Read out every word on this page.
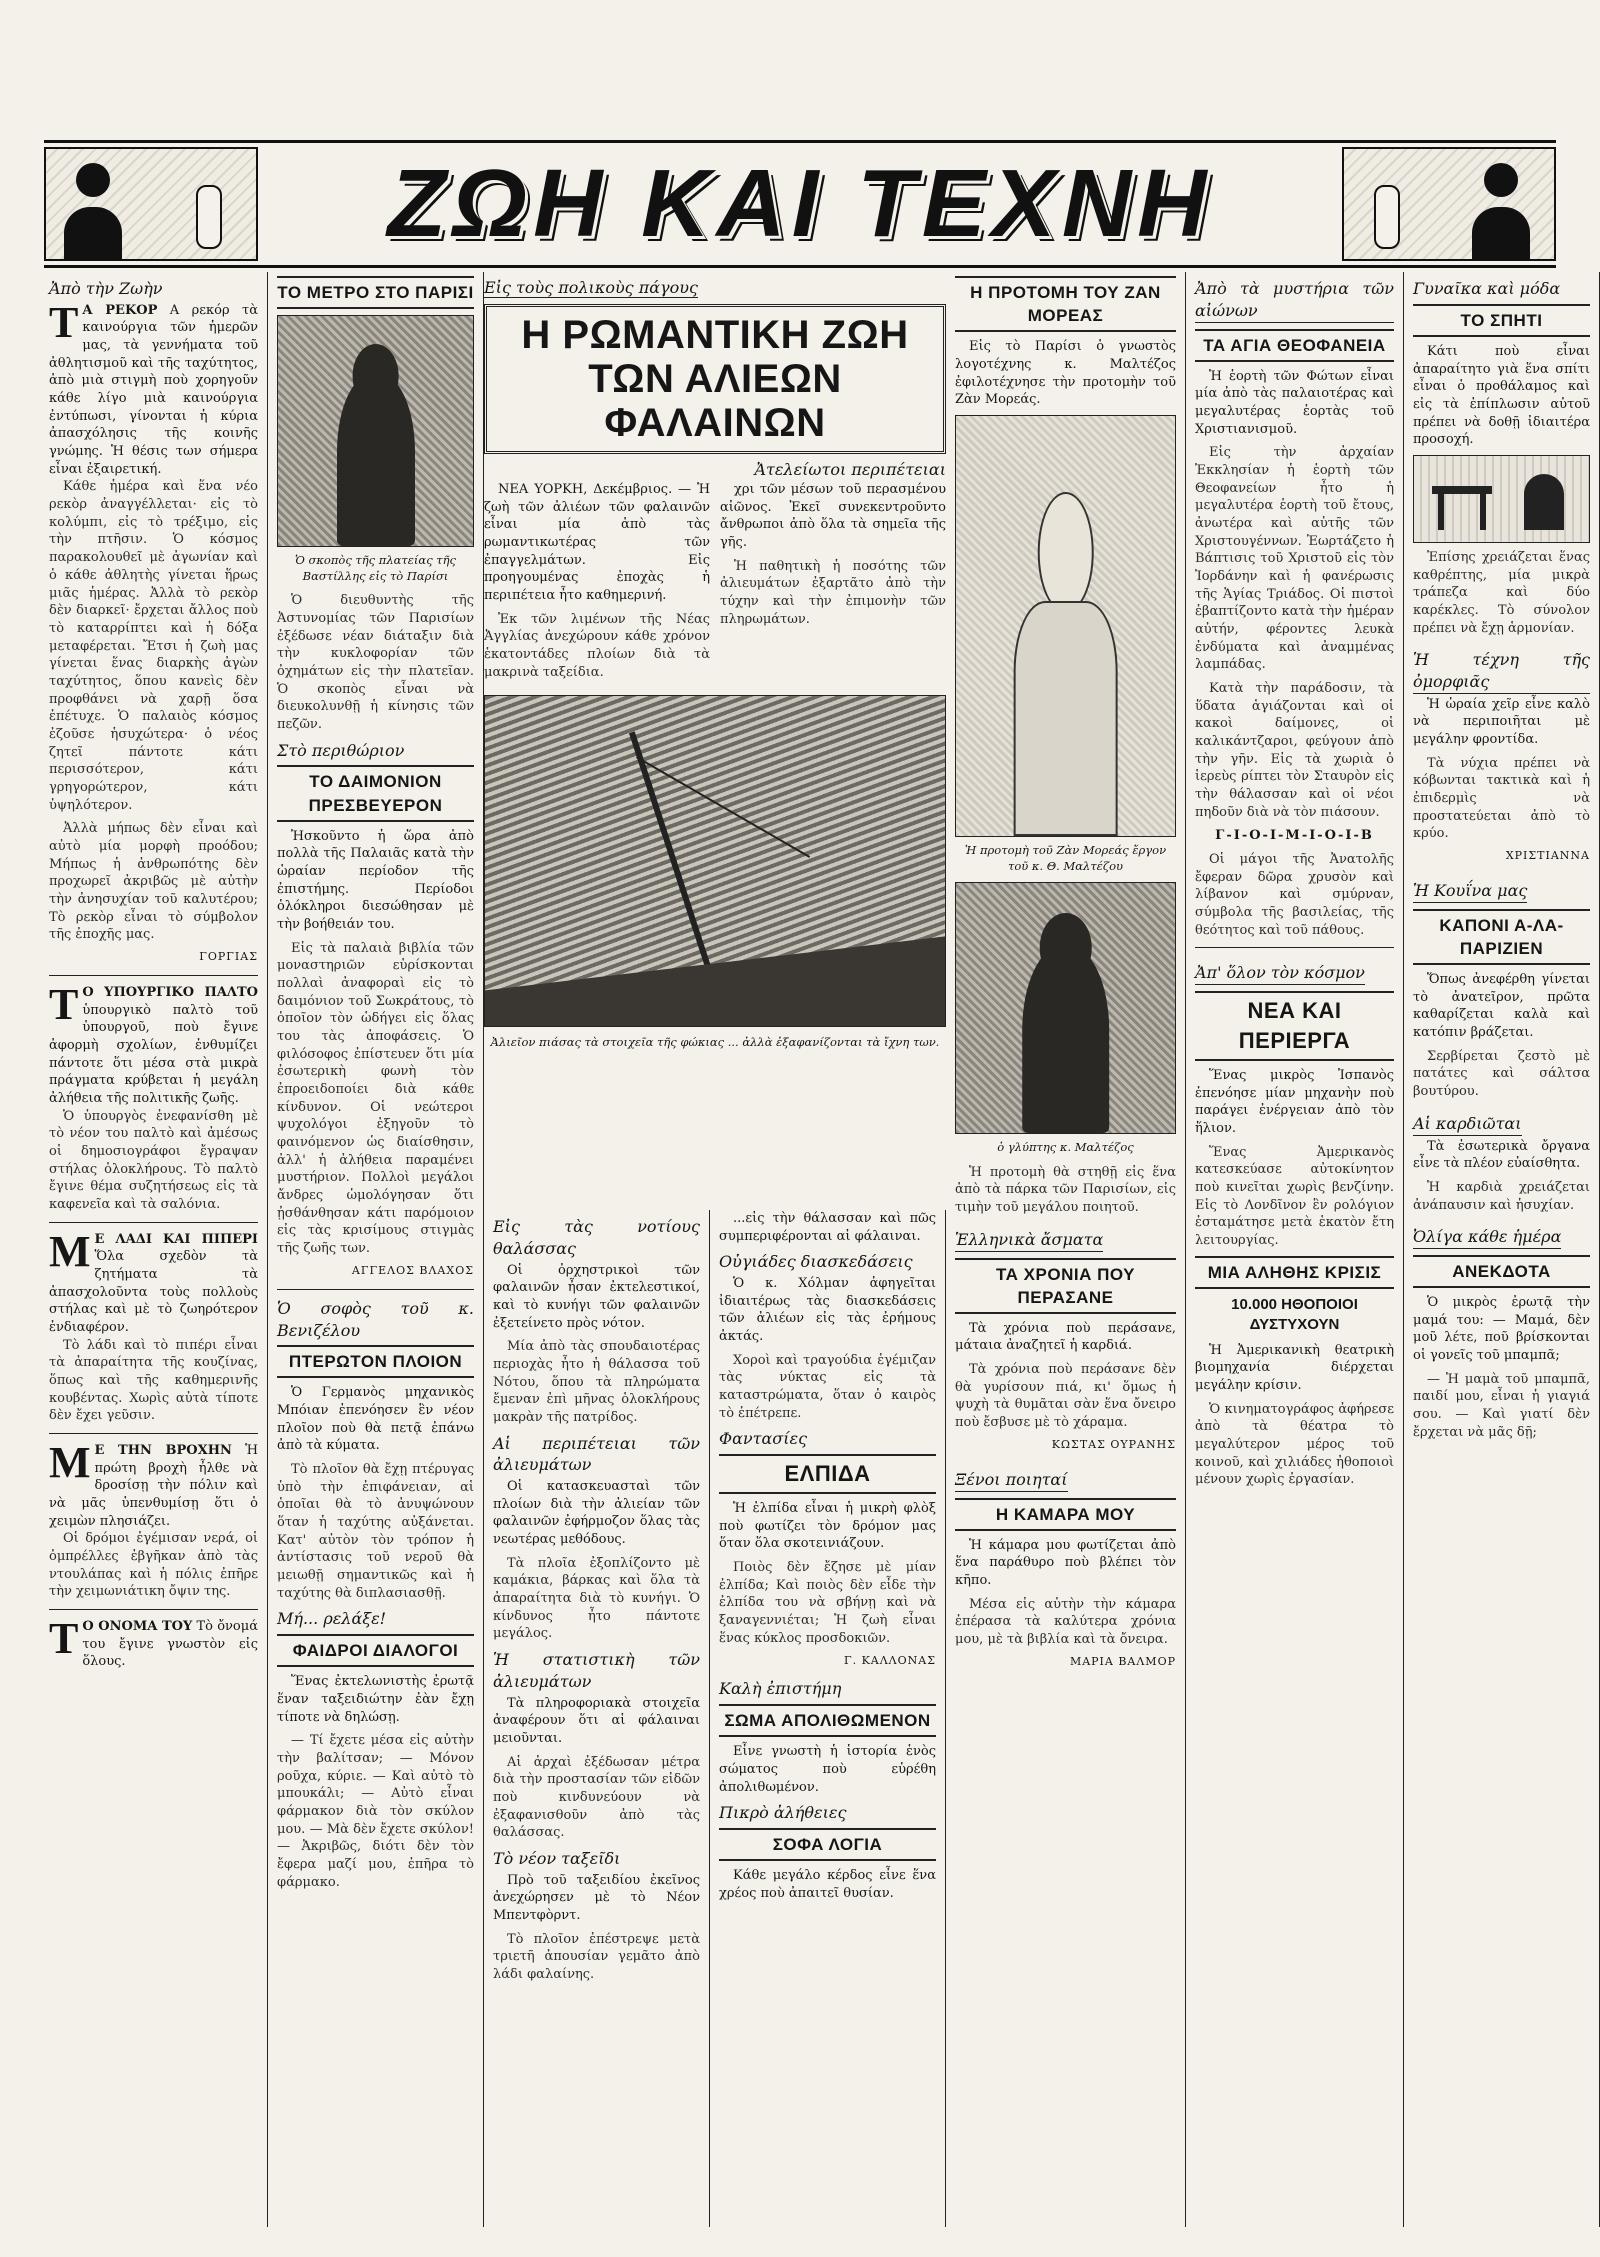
ΖΩΗ ΚΑΙ ΤΕΧΝΗ
Ἀπὸ τὴν Ζωὴν
Τ Α ΡΕΚΟΡ Α ρεκόρ τὰ καινούργια τῶν ἡμερῶν μας, τὰ γεννήματα τοῦ ἀθλητισμοῦ καὶ τῆς ταχύτητος, ἀπὸ μιὰ στιγμὴ ποὺ χορηγοῦν κάθε λίγο μιὰ καινούργια ἐντύπωσι, γίνονται ἡ κύρια ἀπασχόλησις τῆς κοινῆς γνώμης. Ἡ θέσις των σήμερα εἶναι ἐξαιρετική.

Κάθε ἡμέρα καὶ ἕνα νέο ρεκὸρ ἀναγγέλλεται· εἰς τὸ κολύμπι, εἰς τὸ τρέξιμο, εἰς τὴν πτῆσιν. Ὁ κόσμος παρακολουθεῖ μὲ ἀγωνίαν καὶ ὁ κάθε ἀθλητὴς γίνεται ἥρως μιᾶς ἡμέρας. Ἀλλὰ τὸ ρεκὸρ δὲν διαρκεῖ· ἔρχεται ἄλλος ποὺ τὸ καταρρίπτει καὶ ἡ δόξα μεταφέρεται. Ἔτσι ἡ ζωὴ μας γίνεται ἕνας διαρκὴς ἀγὼν ταχύτητος, ὅπου κανεὶς δὲν προφθάνει νὰ χαρῇ ὅσα ἐπέτυχε. Ὁ παλαιὸς κόσμος ἐζοῦσε ἡσυχώτερα· ὁ νέος ζητεῖ πάντοτε κάτι περισσότερον, κάτι γρηγορώτερον, κάτι ὑψηλότερον.

Ἀλλὰ μήπως δὲν εἶναι καὶ αὐτὸ μία μορφὴ προόδου; Μήπως ἡ ἀνθρωπότης δὲν προχωρεῖ ἀκριβῶς μὲ αὐτὴν τὴν ἀνησυχίαν τοῦ καλυτέρου; Τὸ ρεκὸρ εἶναι τὸ σύμβολον τῆς ἐποχῆς μας.

ΓΟΡΓΙΑΣ
Τ Ο ΥΠΟΥΡΓΙΚΟ ΠΑΛΤΟ ὑπουργικὸ παλτὸ τοῦ ὑπουργοῦ, ποὺ ἔγινε ἀφορμὴ σχολίων, ἐνθυμίζει πάντοτε ὅτι μέσα στὰ μικρὰ πράγματα κρύβεται ἡ μεγάλη ἀλήθεια τῆς πολιτικῆς ζωῆς.

Ὁ ὑπουργὸς ἐνεφανίσθη μὲ τὸ νέον του παλτὸ καὶ ἀμέσως οἱ δημοσιογράφοι ἔγραψαν στήλας ὁλοκλήρους. Τὸ παλτὸ ἔγινε θέμα συζητήσεως εἰς τὰ καφενεῖα καὶ τὰ σαλόνια.

Μ Ε ΛΑΔΙ ΚΑΙ ΠΙΠΕΡΙ Ὅλα σχεδὸν τὰ ζητήματα τὰ ἀπασχολοῦντα τοὺς πολλοὺς στήλας καὶ μὲ τὸ ζωηρότερον ἐνδιαφέρον.

Τὸ λάδι καὶ τὸ πιπέρι εἶναι τὰ ἀπαραίτητα τῆς κουζίνας, ὅπως καὶ τῆς καθημερινῆς κουβέντας. Χωρὶς αὐτὰ τίποτε δὲν ἔχει γεῦσιν.

Μ Ε ΤΗΝ ΒΡΟΧΗΝ Ἡ πρώτη βροχὴ ἦλθε νὰ δροσίσῃ τὴν πόλιν καὶ νὰ μᾶς ὑπενθυμίσῃ ὅτι ὁ χειμὼν πλησιάζει.

Οἱ δρόμοι ἐγέμισαν νερά, οἱ ὀμπρέλλες ἐβγῆκαν ἀπὸ τὰς ντουλάπας καὶ ἡ πόλις ἐπῆρε τὴν χειμωνιάτικη ὄψιν της.

Τ Ο ΟΝΟΜΑ ΤΟΥ Τὸ ὄνομά του ἔγινε γνωστὸν εἰς ὅλους.
ΤΟ ΜΕΤΡΟ ΣΤΟ ΠΑΡΙΣΙ
Ὁ σκοπὸς τῆς πλατείας τῆς Βαστίλλης εἰς τὸ Παρίσι

Ὁ διευθυντὴς τῆς Ἀστυνομίας τῶν Παρισίων ἐξέδωσε νέαν διάταξιν διὰ τὴν κυκλοφορίαν τῶν ὀχημάτων εἰς τὴν πλατεῖαν. Ὁ σκοπὸς εἶναι νὰ διευκολυνθῇ ἡ κίνησις τῶν πεζῶν.

Στὸ περιθώριον
ΤΟ ΔΑΙΜΟΝΙΟΝ ΠΡΕΣΒΕΥΕΡΟΝ

Ἠσκοῦντο ἡ ὥρα ἀπὸ πολλὰ τῆς Παλαιᾶς κατὰ τὴν ὡραίαν περίοδον τῆς ἐπιστήμης. Περίοδοι ὁλόκληροι διεσώθησαν μὲ τὴν βοήθειάν του.

Εἰς τὰ παλαιὰ βιβλία τῶν μοναστηριῶν εὑρίσκονται πολλαὶ ἀναφοραὶ εἰς τὸ δαιμόνιον τοῦ Σωκράτους, τὸ ὁποῖον τὸν ὡδήγει εἰς ὅλας του τὰς ἀποφάσεις. Ὁ φιλόσοφος ἐπίστευεν ὅτι μία ἐσωτερικὴ φωνὴ τὸν ἐπροειδοποίει διὰ κάθε κίνδυνον. Οἱ νεώτεροι ψυχολόγοι ἐξηγοῦν τὸ φαινόμενον ὡς διαίσθησιν, ἀλλ' ἡ ἀλήθεια παραμένει μυστήριον. Πολλοὶ μεγάλοι ἄνδρες ὡμολόγησαν ὅτι ᾐσθάνθησαν κάτι παρόμοιον εἰς τὰς κρισίμους στιγμὰς τῆς ζωῆς των.

ΑΓΓΕΛΟΣ ΒΛΑΧΟΣ
Ὁ σοφὸς τοῦ κ. Βενιζέλου
ΠΤΕΡΩΤΟΝ ΠΛΟΙΟΝ

Ὁ Γερμανὸς μηχανικὸς Μπόιαν ἐπενόησεν ἓν νέον πλοῖον ποὺ θὰ πετᾷ ἐπάνω ἀπὸ τὰ κύματα.

Τὸ πλοῖον θὰ ἔχῃ πτέρυγας ὑπὸ τὴν ἐπιφάνειαν, αἱ ὁποῖαι θὰ τὸ ἀνυψώνουν ὅταν ἡ ταχύτης αὐξάνεται. Κατ' αὐτὸν τὸν τρόπον ἡ ἀντίστασις τοῦ νεροῦ θὰ μειωθῇ σημαντικῶς καὶ ἡ ταχύτης θὰ διπλασιασθῇ.

Μή... ρελάξε!
ΦΑΙΔΡΟΙ ΔΙΑΛΟΓΟΙ

Ἕνας ἐκτελωνιστὴς ἐρωτᾷ ἕναν ταξειδιώτην ἐὰν ἔχῃ τίποτε νὰ δηλώσῃ.

— Τί ἔχετε μέσα εἰς αὐτὴν τὴν βαλίτσαν; — Μόνον ροῦχα, κύριε. — Καὶ αὐτὸ τὸ μπουκάλι; — Αὐτὸ εἶναι φάρμακον διὰ τὸν σκύλον μου. — Μὰ δὲν ἔχετε σκύλον! — Ἀκριβῶς, διότι δὲν τὸν ἔφερα μαζί μου, ἐπῆρα τὸ φάρμακο.

Εἰς τοὺς πολικοὺς πάγους
Η ΡΩΜΑΝΤΙΚΗ ΖΩΗ ΤΩΝ ΑΛΙΕΩΝ ΦΑΛΑΙΝΩΝ
Ἀτελείωτοι περιπέτειαι

ΝΕΑ ΥΟΡΚΗ, Δεκέμβριος. — Ἡ ζωὴ τῶν ἀλιέων τῶν φαλαινῶν εἶναι μία ἀπὸ τὰς ρωμαντικωτέρας τῶν ἐπαγγελμάτων. Εἰς προηγουμένας ἐποχὰς ἡ περιπέτεια ἦτο καθημερινή.

Ἐκ τῶν λιμένων τῆς Νέας Ἀγγλίας ἀνεχώρουν κάθε χρόνον ἑκατοντάδες πλοίων διὰ τὰ μακρινὰ ταξείδια.

χρι τῶν μέσων τοῦ περασμένου αἰῶνος. Ἐκεῖ συνεκεντροῦντο ἄνθρωποι ἀπὸ ὅλα τὰ σημεῖα τῆς γῆς.

Ἡ παθητικὴ ἡ ποσότης τῶν ἀλιευμάτων ἐξαρτᾶτο ἀπὸ τὴν τύχην καὶ τὴν ἐπιμονὴν τῶν πληρωμάτων.

Ἀλιεῖον πιάσας τὰ στοιχεῖα τῆς φώκιας ... ἀλλὰ ἐξαφανίζονται τὰ ἴχνη των.
Εἰς τὰς νοτίους θαλάσσας

Οἱ ὀρχηστρικοὶ τῶν φαλαινῶν ἦσαν ἐκτελεστικοί, καὶ τὸ κυνήγι τῶν φαλαινῶν ἐξετείνετο πρὸς νότον.

Μία ἀπὸ τὰς σπουδαιοτέρας περιοχὰς ἦτο ἡ θάλασσα τοῦ Νότου, ὅπου τὰ πληρώματα ἔμεναν ἐπὶ μῆνας ὁλοκλήρους μακρὰν τῆς πατρίδος.

Αἱ περιπέτειαι τῶν ἀλιευμάτων

Οἱ κατασκευασταὶ τῶν πλοίων διὰ τὴν ἀλιείαν τῶν φαλαινῶν ἐφήρμοζον ὅλας τὰς νεωτέρας μεθόδους.

Τὰ πλοῖα ἐξοπλίζοντο μὲ καμάκια, βάρκας καὶ ὅλα τὰ ἀπαραίτητα διὰ τὸ κυνήγι. Ὁ κίνδυνος ἦτο πάντοτε μεγάλος.

Ἡ στατιστικὴ τῶν ἀλιευμάτων

Τὰ πληροφοριακὰ στοιχεῖα ἀναφέρουν ὅτι αἱ φάλαιναι μειοῦνται.

Αἱ ἀρχαὶ ἐξέδωσαν μέτρα διὰ τὴν προστασίαν τῶν εἰδῶν ποὺ κινδυνεύουν νὰ ἐξαφανισθοῦν ἀπὸ τὰς θαλάσσας.

Τὸ νέον ταξεῖδι

Πρὸ τοῦ ταξειδίου ἐκεῖνος ἀνεχώρησεν μὲ τὸ Νέον Μπεντφὸρντ.

Τὸ πλοῖον ἐπέστρεψε μετὰ τριετῆ ἀπουσίαν γεμᾶτο ἀπὸ λάδι φαλαίνης.

...εἰς τὴν θάλασσαν καὶ πῶς συμπεριφέρονται αἱ φάλαιναι.

Οὐγιάδες διασκεδάσεις

Ὁ κ. Χόλμαν ἀφηγεῖται ἰδιαιτέρως τὰς διασκεδάσεις τῶν ἀλιέων εἰς τὰς ἐρήμους ἀκτάς.

Χοροὶ καὶ τραγούδια ἐγέμιζαν τὰς νύκτας εἰς τὰ καταστρώματα, ὅταν ὁ καιρὸς τὸ ἐπέτρεπε.

Φαντασίες
ΕΛΠΙΔΑ

Ἡ ἐλπίδα εἶναι ἡ μικρὴ φλὸξ ποὺ φωτίζει τὸν δρόμον μας ὅταν ὅλα σκοτεινιάζουν.

Ποιὸς δὲν ἔζησε μὲ μίαν ἐλπίδα; Καὶ ποιὸς δὲν εἶδε τὴν ἐλπίδα του νὰ σβήνῃ καὶ νὰ ξαναγεννιέται; Ἡ ζωὴ εἶναι ἕνας κύκλος προσδοκιῶν.

Γ. ΚΑΛΛΟΝΑΣ
Καλὴ ἐπιστήμη
ΣΩΜΑ ΑΠΟΛΙΘΩΜΕΝΟΝ

Εἶνε γνωστὴ ἡ ἱστορία ἑνὸς σώματος ποὺ εὑρέθη ἀπολιθωμένον.

Πικρὸ ἀλήθειες
ΣΟΦΑ ΛΟΓΙΑ

Κάθε μεγάλο κέρδος εἶνε ἕνα χρέος ποὺ ἀπαιτεῖ θυσίαν.

Η ΠΡΟΤΟΜΗ ΤΟΥ ΖΑΝ ΜΟΡΕΑΣ

Εἰς τὸ Παρίσι ὁ γνωστὸς λογοτέχνης κ. Μαλτέζος ἐφιλοτέχνησε τὴν προτομὴν τοῦ Ζὰν Μορεάς.

Ἡ προτομὴ τοῦ Ζὰν Μορεάς ἔργον τοῦ κ. Θ. Μαλτέζου
ὁ γλύπτης κ. Μαλτέζος

Ἡ προτομὴ θὰ στηθῇ εἰς ἕνα ἀπὸ τὰ πάρκα τῶν Παρισίων, εἰς τιμὴν τοῦ μεγάλου ποιητοῦ.

Ἑλληνικὰ ἄσματα
ΤΑ ΧΡΟΝΙΑ ΠΟΥ ΠΕΡΑΣΑΝΕ

Τὰ χρόνια ποὺ περάσανε, μάταια ἀναζητεῖ ἡ καρδιά.

Τὰ χρόνια ποὺ περάσανε δὲν θὰ γυρίσουν πιά, κι' ὅμως ἡ ψυχὴ τὰ θυμᾶται σὰν ἕνα ὄνειρο ποὺ ἔσβυσε μὲ τὸ χάραμα.

ΚΩΣΤΑΣ ΟΥΡΑΝΗΣ
Ξένοι ποιηταί
Η ΚΑΜΑΡΑ ΜΟΥ

Ἡ κάμαρα μου φωτίζεται ἀπὸ ἕνα παράθυρο ποὺ βλέπει τὸν κῆπο.

Μέσα εἰς αὐτὴν τὴν κάμαρα ἐπέρασα τὰ καλύτερα χρόνια μου, μὲ τὰ βιβλία καὶ τὰ ὄνειρα.

ΜΑΡΙΑ ΒΑΛΜΟΡ
Ἀπὸ τὰ μυστήρια τῶν αἰώνων
ΤΑ ΑΓΙΑ ΘΕΟΦΑΝΕΙΑ

Ἡ ἑορτὴ τῶν Φώτων εἶναι μία ἀπὸ τὰς παλαιοτέρας καὶ μεγαλυτέρας ἑορτὰς τοῦ Χριστιανισμοῦ.

Εἰς τὴν ἀρχαίαν Ἐκκλησίαν ἡ ἑορτὴ τῶν Θεοφανείων ἦτο ἡ μεγαλυτέρα ἑορτὴ τοῦ ἔτους, ἀνωτέρα καὶ αὐτῆς τῶν Χριστουγέννων. Ἐωρτάζετο ἡ Βάπτισις τοῦ Χριστοῦ εἰς τὸν Ἰορδάνην καὶ ἡ φανέρωσις τῆς Ἁγίας Τριάδος. Οἱ πιστοὶ ἐβαπτίζοντο κατὰ τὴν ἡμέραν αὐτήν, φέροντες λευκὰ ἐνδύματα καὶ ἀναμμένας λαμπάδας.

Κατὰ τὴν παράδοσιν, τὰ ὕδατα ἁγιάζονται καὶ οἱ κακοὶ δαίμονες, οἱ καλικάντζαροι, φεύγουν ἀπὸ τὴν γῆν. Εἰς τὰ χωριὰ ὁ ἱερεὺς ρίπτει τὸν Σταυρὸν εἰς τὴν θάλασσαν καὶ οἱ νέοι πηδοῦν διὰ νὰ τὸν πιάσουν.

Γ-Ι-Ο-Ι-Μ-Ι-Ο-Ι-Β

Οἱ μάγοι τῆς Ἀνατολῆς ἔφεραν δῶρα χρυσὸν καὶ λίβανον καὶ σμύρναν, σύμβολα τῆς βασιλείας, τῆς θεότητος καὶ τοῦ πάθους.

Ἀπ' ὅλον τὸν κόσμον
ΝΕΑ ΚΑΙ ΠΕΡΙΕΡΓΑ

Ἕνας μικρὸς Ἰσπανὸς ἐπενόησε μίαν μηχανὴν ποὺ παράγει ἐνέργειαν ἀπὸ τὸν ἥλιον.

Ἕνας Ἀμερικανὸς κατεσκεύασε αὐτοκίνητον ποὺ κινεῖται χωρὶς βενζίνην. Εἰς τὸ Λονδῖνον ἓν ρολόγιον ἐσταμάτησε μετὰ ἑκατὸν ἔτη λειτουργίας.

ΜΙΑ ΑΛΗΘΗΣ ΚΡΙΣΙΣ
10.000 ΗΘΟΠΟΙΟΙ ΔΥΣΤΥΧΟΥΝ

Ἡ Ἀμερικανικὴ θεατρικὴ βιομηχανία διέρχεται μεγάλην κρίσιν.

Ὁ κινηματογράφος ἀφήρεσε ἀπὸ τὰ θέατρα τὸ μεγαλύτερον μέρος τοῦ κοινοῦ, καὶ χιλιάδες ἠθοποιοὶ μένουν χωρὶς ἐργασίαν.

Γυναῖκα καὶ μόδα
ΤΟ ΣΠΗΤΙ

Κάτι ποὺ εἶναι ἀπαραίτητο γιὰ ἕνα σπίτι εἶναι ὁ προθάλαμος καὶ εἰς τὰ ἐπίπλωσιν αὐτοῦ πρέπει νὰ δοθῇ ἰδιαιτέρα προσοχή.

Ἐπίσης χρειάζεται ἕνας καθρέπτης, μία μικρὰ τράπεζα καὶ δύο καρέκλες. Τὸ σύνολον πρέπει νὰ ἔχῃ ἁρμονίαν.

Ἡ τέχνη τῆς ὀμορφιᾶς

Ἡ ὡραία χεῖρ εἶνε καλὸ νὰ περιποιῆται μὲ μεγάλην φροντίδα.

Τὰ νύχια πρέπει νὰ κόβωνται τακτικὰ καὶ ἡ ἐπιδερμὶς νὰ προστατεύεται ἀπὸ τὸ κρύο.

ΧΡΙΣΤΙΑΝΝΑ
Ἡ Κουΐνα μας
ΚΑΠΟΝΙ Α-ΛΑ-ΠΑΡΙΖΙΕΝ

Ὅπως ἀνεφέρθη γίνεται τὸ ἀνατεῖρον, πρῶτα καθαρίζεται καλὰ καὶ κατόπιν βράζεται.

Σερβίρεται ζεστὸ μὲ πατάτες καὶ σάλτσα βουτύρου.

Αἱ καρδιῶται

Τὰ ἐσωτερικὰ ὄργανα εἶνε τὰ πλέον εὐαίσθητα.

Ἡ καρδιὰ χρειάζεται ἀνάπαυσιν καὶ ἡσυχίαν.

Ὀλίγα κάθε ἡμέρα
ΑΝΕΚΔΟΤΑ

Ὁ μικρὸς ἐρωτᾷ τὴν μαμά του: — Μαμά, δὲν μοῦ λέτε, ποῦ βρίσκονται οἱ γονεῖς τοῦ μπαμπᾶ;

— Ἡ μαμὰ τοῦ μπαμπᾶ, παιδί μου, εἶναι ἡ γιαγιά σου. — Καὶ γιατί δὲν ἔρχεται νὰ μᾶς δῇ;
